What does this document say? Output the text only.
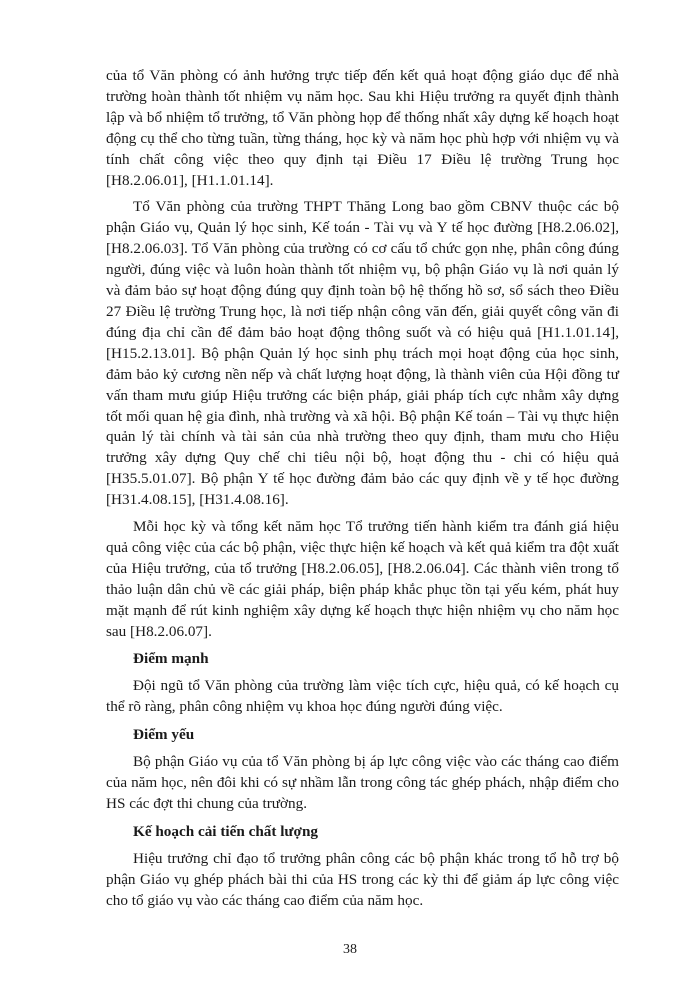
của tổ Văn phòng có ảnh hưởng trực tiếp đến kết quả hoạt động giáo dục để nhà trường hoàn thành tốt nhiệm vụ năm học. Sau khi Hiệu trưởng ra quyết định thành lập và bổ nhiệm tổ trưởng, tổ Văn phòng họp để thống nhất xây dựng kế hoạch hoạt động cụ thể cho từng tuần, từng tháng, học kỳ và năm học phù hợp với nhiệm vụ và tính chất công việc theo quy định tại Điều 17 Điều lệ trường Trung học [H8.2.06.01], [H1.1.01.14].

Tổ Văn phòng của trường THPT Thăng Long bao gồm CBNV thuộc các bộ phận Giáo vụ, Quản lý học sinh, Kế toán - Tài vụ và Y tế học đường [H8.2.06.02], [H8.2.06.03]. Tổ Văn phòng của trường có cơ cấu tổ chức gọn nhẹ, phân công đúng người, đúng việc và luôn hoàn thành tốt nhiệm vụ, bộ phận Giáo vụ là nơi quản lý và đảm bảo sự hoạt động đúng quy định toàn bộ hệ thống hồ sơ, sổ sách theo Điều 27 Điều lệ trường Trung học, là nơi tiếp nhận công văn đến, giải quyết công văn đi đúng địa chỉ cần để đảm bảo hoạt động thông suốt và có hiệu quả [H1.1.01.14], [H15.2.13.01]. Bộ phận Quản lý học sinh phụ trách mọi hoạt động của học sinh, đảm bảo kỷ cương nền nếp và chất lượng hoạt động, là thành viên của Hội đồng tư vấn tham mưu giúp Hiệu trưởng các biện pháp, giải pháp tích cực nhằm xây dựng tốt mối quan hệ gia đình, nhà trường và xã hội. Bộ phận Kế toán – Tài vụ thực hiện quản lý tài chính và tài sản của nhà trường theo quy định, tham mưu cho Hiệu trưởng xây dựng Quy chế chi tiêu nội bộ, hoạt động thu - chi có hiệu quả [H35.5.01.07]. Bộ phận Y tế học đường đảm bảo các quy định về y tế học đường [H31.4.08.15], [H31.4.08.16].

Mỗi học kỳ và tổng kết năm học Tổ trưởng tiến hành kiểm tra đánh giá hiệu quả công việc của các bộ phận, việc thực hiện kế hoạch và kết quả kiểm tra đột xuất của Hiệu trưởng, của tổ trưởng [H8.2.06.05], [H8.2.06.04]. Các thành viên trong tổ thảo luận dân chủ về các giải pháp, biện pháp khắc phục tồn tại yếu kém, phát huy mặt mạnh để rút kinh nghiệm xây dựng kế hoạch thực hiện nhiệm vụ cho năm học sau [H8.2.06.07].

Điểm mạnh

Đội ngũ tổ Văn phòng của trường làm việc tích cực, hiệu quả, có kế hoạch cụ thể rõ ràng, phân công nhiệm vụ khoa học đúng người đúng việc.

Điểm yếu

Bộ phận Giáo vụ của tổ Văn phòng bị áp lực công việc vào các tháng cao điểm của năm học, nên đôi khi có sự nhầm lẫn trong công tác ghép phách, nhập điểm cho HS các đợt thi chung của trường.

Kế hoạch cải tiến chất lượng

Hiệu trưởng chỉ đạo tổ trưởng phân công các bộ phận khác trong tổ hỗ trợ bộ phận Giáo vụ ghép phách bài thi của HS trong các kỳ thi để giảm áp lực công việc cho tổ giáo vụ vào các tháng cao điểm của năm học.

38
